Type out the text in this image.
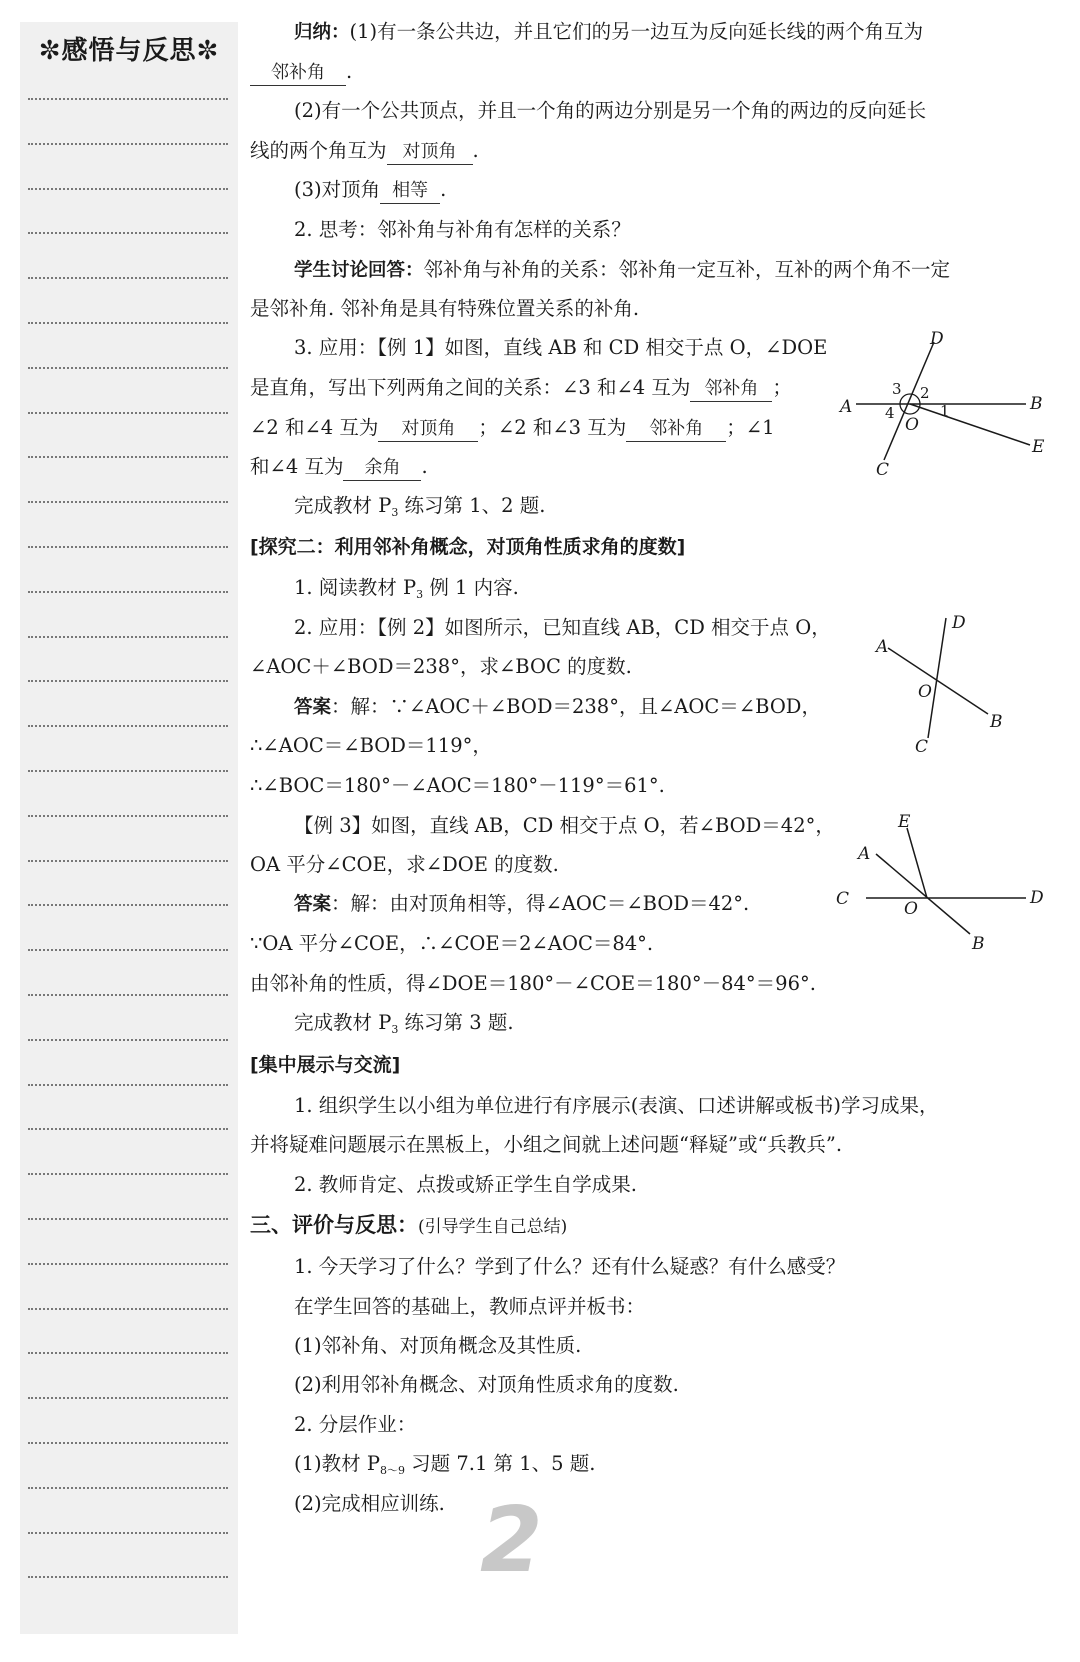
✼感悟与反思✼
归纳：(1)有一条公共边，并且它们的另一边互为反向延长线的两个角互为
邻补角 .
(2)有一个公共顶点，并且一个角的两边分别是另一个角的两边的反向延长
线的两个角互为 对顶角 .
(3)对顶角 相等 .
2. 思考：邻补角与补角有怎样的关系？
学生讨论回答：邻补角与补角的关系：邻补角一定互补，互补的两个角不一定
是邻补角. 邻补角是具有特殊位置关系的补角.
3. 应用：【例 1】如图，直线 AB 和 CD 相交于点 O，∠DOE
是直角，写出下列两角之间的关系：∠3 和∠4 互为 邻补角 ；
∠2 和∠4 互为 对顶角 ；∠2 和∠3 互为 邻补角 ；∠1
和∠4 互为 余角 .
完成教材 $P_3$ 练习第 1、2 题.
[探究二：利用邻补角概念，对顶角性质求角的度数]
1. 阅读教材 $P_3$ 例 1 内容.
2. 应用：【例 2】如图所示，已知直线 AB，CD 相交于点 O，
∠AOC＋∠BOD＝238°，求∠BOC 的度数.
答案：解：∵∠AOC＋∠BOD＝238°，且∠AOC＝∠BOD，
∴∠AOC＝∠BOD＝119°，
∴∠BOC＝180°－∠AOC＝180°－119°＝61°.
【例 3】如图，直线 AB，CD 相交于点 O，若∠BOD＝42°，
OA 平分∠COE，求∠DOE 的度数.
答案：解：由对顶角相等，得∠AOC＝∠BOD＝42°.
∵OA 平分∠COE，∴∠COE＝2∠AOC＝84°.
由邻补角的性质，得∠DOE＝180°－∠COE＝180°－84°＝96°.
完成教材 $P_3$ 练习第 3 题.
[集中展示与交流]
1. 组织学生以小组为单位进行有序展示(表演、口述讲解或板书)学习成果，
并将疑难问题展示在黑板上，小组之间就上述问题“释疑”或“兵教兵”.
2. 教师肯定、点拨或矫正学生自学成果.
三、评价与反思：(引导学生自己总结)
1. 今天学习了什么？学到了什么？还有什么疑惑？有什么感受？
在学生回答的基础上，教师点评并板书：
(1)邻补角、对顶角概念及其性质.
(2)利用邻补角概念、对顶角性质求角的度数.
2. 分层作业：
(1)教材 $P_{8\sim 9}$ 习题 7.1 第 1、5 题.
(2)完成相应训练.
A	B
C
D
E
O
1
2
3
4
A
B
C
D
O
A
B
C	D
E
O
2
